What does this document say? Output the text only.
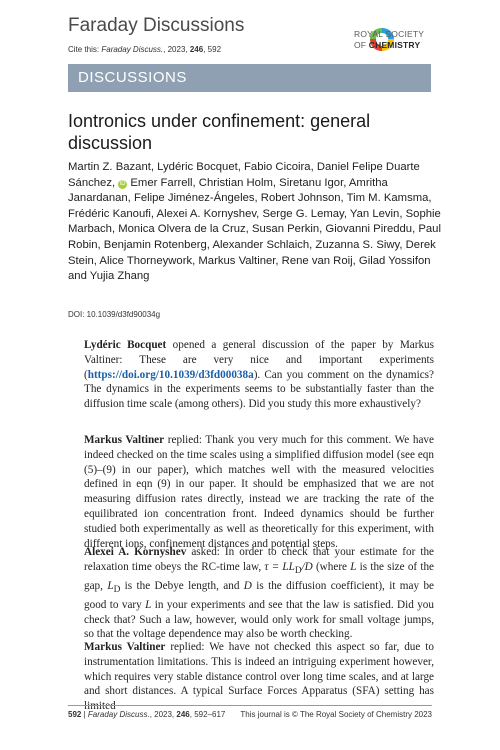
Faraday Discussions
Cite this: Faraday Discuss., 2023, 246, 592
ROYAL SOCIETY
OF CHEMISTRY
DISCUSSIONS
Iontronics under confinement: general discussion
Martin Z. Bazant, Lydéric Bocquet, Fabio Cicoira, Daniel Felipe Duarte Sánchez, iD Emer Farrell, Christian Holm, Siretanu Igor, Amritha Janardanan, Felipe Jiménez-Ángeles, Robert Johnson, Tim M. Kamsma, Frédéric Kanoufi, Alexei A. Kornyshev, Serge G. Lemay, Yan Levin, Sophie Marbach, Monica Olvera de la Cruz, Susan Perkin, Giovanni Pireddu, Paul Robin, Benjamin Rotenberg, Alexander Schlaich, Zuzanna S. Siwy, Derek Stein, Alice Thorneywork, Markus Valtiner, Rene van Roij, Gilad Yossifon and Yujia Zhang
DOI: 10.1039/d3fd90034g

Lydéric Bocquet opened a general discussion of the paper by Markus Valtiner: These are very nice and important experiments (https://doi.org/10.1039/d3fd00038a). Can you comment on the dynamics? The dynamics in the experiments seems to be substantially faster than the diffusion time scale (among others). Did you study this more exhaustively?

Markus Valtiner replied: Thank you very much for this comment. We have indeed checked on the time scales using a simplified diffusion model (see eqn (5)–(9) in our paper), which matches well with the measured velocities defined in eqn (9) in our paper. It should be emphasized that we are not measuring diffusion rates directly, instead we are tracking the rate of the equilibrated ion concentration front. Indeed dynamics should be further studied both experimentally as well as theoretically for this experiment, with different ions, confinement distances and potential steps.

Alexei A. Kornyshev asked: In order to check that your estimate for the relaxation time obeys the RC-time law, $\tau = LL_D/D$ (where L is the size of the gap, $L_D$ is the Debye length, and D is the diffusion coefficient), it may be good to vary L in your experiments and see that the law is satisfied. Did you check that? Such a law, however, would only work for small voltage jumps, so that the voltage dependence may also be worth checking.

Markus Valtiner replied: We have not checked this aspect so far, due to instrumentation limitations. This is indeed an intriguing experiment however, which requires very stable distance control over long time scales, and at large and short distances. A typical Surface Forces Apparatus (SFA) setting has limited

592 | Faraday Discuss., 2023, 246, 592–617 This journal is © The Royal Society of Chemistry 2023
